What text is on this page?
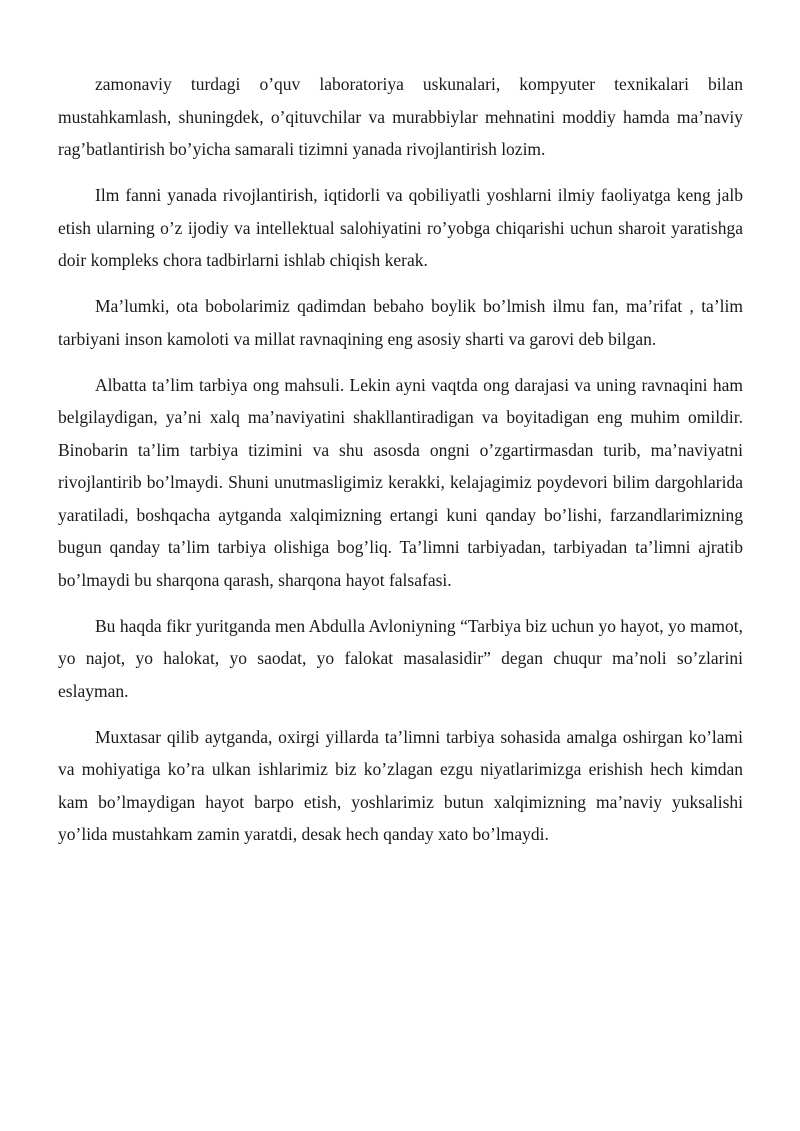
zamonaviy turdagi o’quv laboratoriya uskunalari, kompyuter texnikalari bilan mustahkamlash, shuningdek, o’qituvchilar va murabbiylar mehnatini moddiy hamda ma’naviy rag’batlantirish bo’yicha samarali tizimni yanada rivojlantirish lozim.

Ilm fanni yanada rivojlantirish, iqtidorli va qobiliyatli yoshlarni ilmiy faoliyatga keng jalb etish ularning o’z ijodiy va intellektual salohiyatini ro’yobga chiqarishi uchun sharoit yaratishga doir kompleks chora tadbirlarni ishlab chiqish kerak.

Ma’lumki, ota bobolarimiz qadimdan bebaho boylik bo’lmish ilmu fan, ma’rifat , ta’lim tarbiyani inson kamoloti va millat ravnaqining eng asosiy sharti va garovi deb bilgan.

Albatta ta’lim tarbiya ong mahsuli. Lekin ayni vaqtda ong darajasi va uning ravnaqini ham belgilaydigan, ya’ni xalq ma’naviyatini shakllantiradigan va boyitadigan eng muhim omildir. Binobarin ta’lim tarbiya tizimini va shu asosda ongni o’zgartirmasdan turib, ma’naviyatni rivojlantirib bo’lmaydi. Shuni unutmasligimiz kerakki, kelajagimiz poydevori bilim dargohlarida yaratiladi, boshqacha aytganda xalqimizning ertangi kuni qanday bo’lishi, farzandlarimizning bugun qanday ta’lim tarbiya olishiga bog’liq. Ta’limni tarbiyadan, tarbiyadan ta’limni ajratib bo’lmaydi bu sharqona qarash, sharqona hayot falsafasi.

Bu haqda fikr yuritganda men Abdulla Avloniyning “Tarbiya biz uchun yo hayot, yo mamot, yo najot, yo halokat, yo saodat, yo falokat masalasidir” degan chuqur ma’noli so’zlarini eslayman.

Muxtasar qilib aytganda, oxirgi yillarda ta’limni tarbiya sohasida amalga oshirgan ko’lami va mohiyatiga ko’ra ulkan ishlarimiz biz ko’zlagan ezgu niyatlarimizga erishish hech kimdan kam bo’lmaydigan hayot barpo etish, yoshlarimiz butun xalqimizning ma’naviy yuksalishi yo’lida mustahkam zamin yaratdi, desak hech qanday xato bo’lmaydi.
